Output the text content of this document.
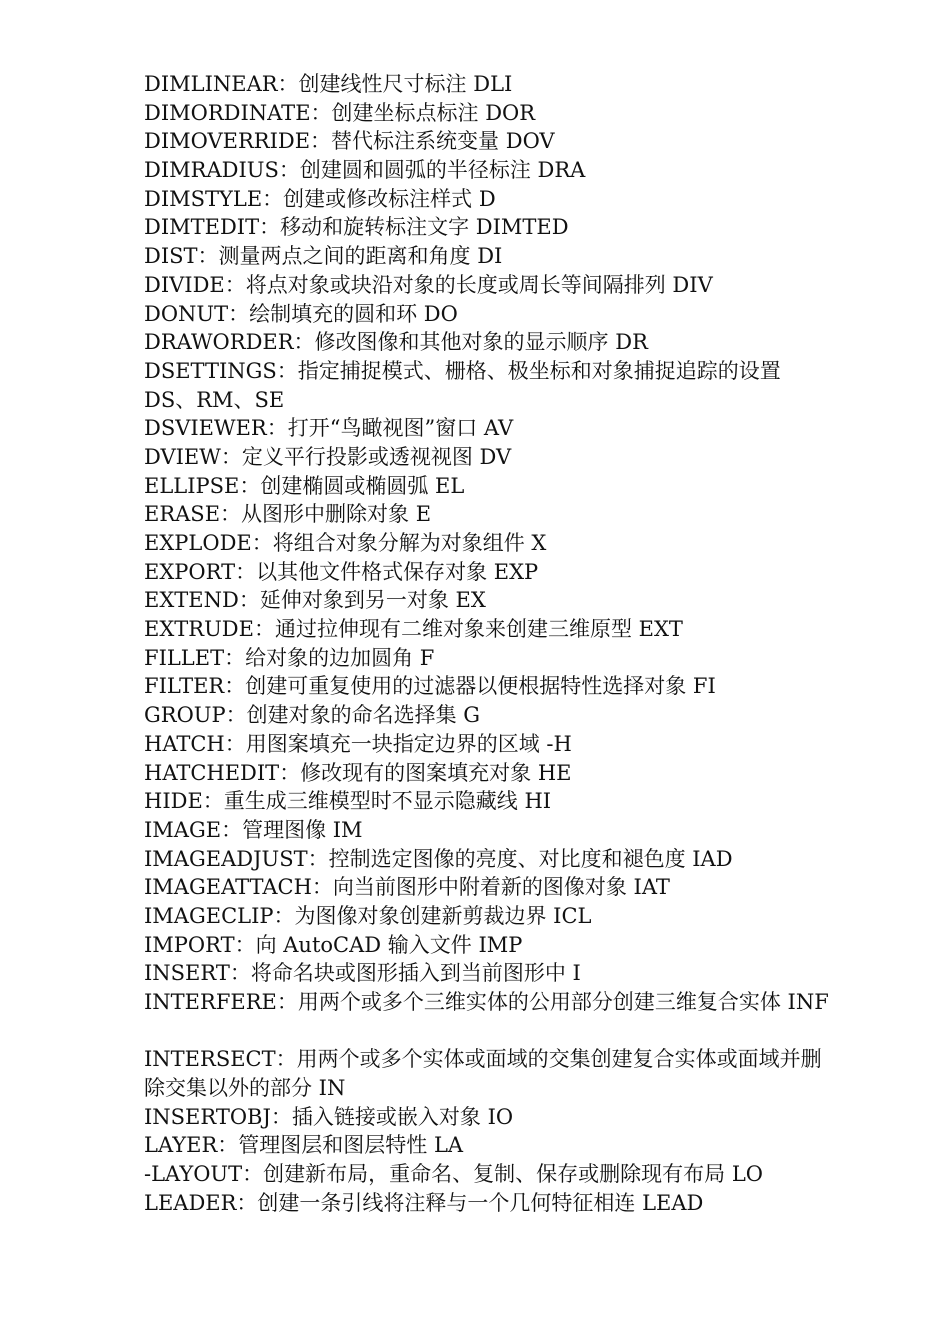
DIMLINEAR：创建线性尺寸标注 DLI
DIMORDINATE：创建坐标点标注 DOR
DIMOVERRIDE：替代标注系统变量 DOV
DIMRADIUS：创建圆和圆弧的半径标注 DRA
DIMSTYLE：创建或修改标注样式 D
DIMTEDIT：移动和旋转标注文字 DIMTED
DIST：测量两点之间的距离和角度 DI
DIVIDE：将点对象或块沿对象的长度或周长等间隔排列 DIV
DONUT：绘制填充的圆和环 DO
DRAWORDER：修改图像和其他对象的显示顺序 DR
DSETTINGS：指定捕捉模式、栅格、极坐标和对象捕捉追踪的设置
DS、RM、SE
DSVIEWER：打开“鸟瞰视图”窗口 AV
DVIEW：定义平行投影或透视视图 DV
ELLIPSE：创建椭圆或椭圆弧 EL
ERASE：从图形中删除对象 E
EXPLODE：将组合对象分解为对象组件 X
EXPORT：以其他文件格式保存对象 EXP
EXTEND：延伸对象到另一对象 EX
EXTRUDE：通过拉伸现有二维对象来创建三维原型 EXT
FILLET：给对象的边加圆角 F
FILTER：创建可重复使用的过滤器以便根据特性选择对象 FI
GROUP：创建对象的命名选择集 G
HATCH：用图案填充一块指定边界的区域 -H
HATCHEDIT：修改现有的图案填充对象 HE
HIDE：重生成三维模型时不显示隐藏线 HI
IMAGE：管理图像 IM
IMAGEADJUST：控制选定图像的亮度、对比度和褪色度 IAD
IMAGEATTACH：向当前图形中附着新的图像对象 IAT
IMAGECLIP：为图像对象创建新剪裁边界 ICL
IMPORT：向 AutoCAD 输入文件 IMP
INSERT：将命名块或图形插入到当前图形中 I
INTERFERE：用两个或多个三维实体的公用部分创建三维复合实体 INF
INTERSECT：用两个或多个实体或面域的交集创建复合实体或面域并删
除交集以外的部分 IN
INSERTOBJ：插入链接或嵌入对象 IO
LAYER：管理图层和图层特性 LA
-LAYOUT：创建新布局，重命名、复制、保存或删除现有布局 LO
LEADER：创建一条引线将注释与一个几何特征相连 LEAD
